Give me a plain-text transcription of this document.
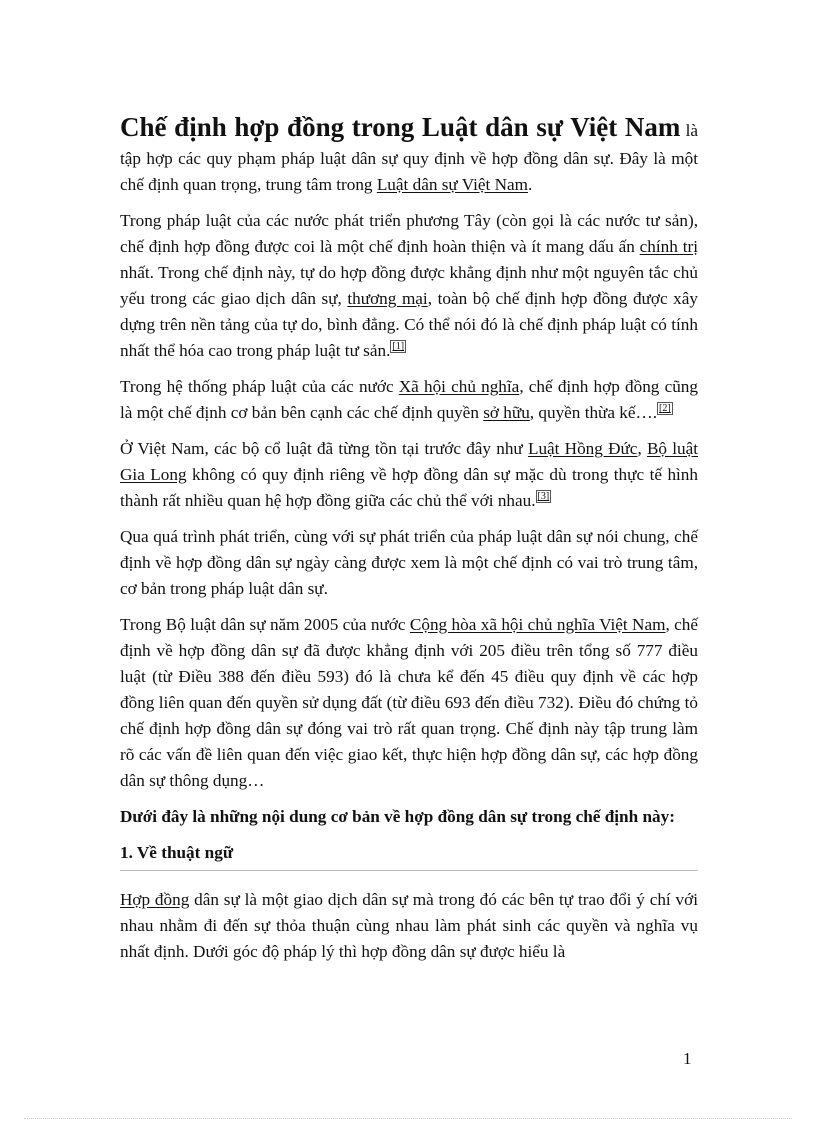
Chế định hợp đồng trong Luật dân sự Việt Nam là tập hợp các quy phạm pháp luật dân sự quy định về hợp đồng dân sự. Đây là một chế định quan trọng, trung tâm trong Luật dân sự Việt Nam.

Trong pháp luật của các nước phát triển phương Tây (còn gọi là các nước tư sản), chế định hợp đồng được coi là một chế định hoàn thiện và ít mang dấu ấn chính trị nhất. Trong chế định này, tự do hợp đồng được khẳng định như một nguyên tắc chủ yếu trong các giao dịch dân sự, thương mại, toàn bộ chế định hợp đồng được xây dựng trên nền tảng của tự do, bình đẳng. Có thể nói đó là chế định pháp luật có tính nhất thể hóa cao trong pháp luật tư sản. [1]

Trong hệ thống pháp luật của các nước Xã hội chủ nghĩa, chế định hợp đồng cũng là một chế định cơ bản bên cạnh các chế định quyền sở hữu, quyền thừa kế…. [2]

Ở Việt Nam, các bộ cổ luật đã từng tồn tại trước đây như Luật Hồng Đức, Bộ luật Gia Long không có quy định riêng về hợp đồng dân sự mặc dù trong thực tế hình thành rất nhiều quan hệ hợp đồng giữa các chủ thể với nhau. [3]

Qua quá trình phát triển, cùng với sự phát triển của pháp luật dân sự nói chung, chế định về hợp đồng dân sự ngày càng được xem là một chế định có vai trò trung tâm, cơ bản trong pháp luật dân sự.

Trong Bộ luật dân sự năm 2005 của nước Cộng hòa xã hội chủ nghĩa Việt Nam, chế định về hợp đồng dân sự đã được khẳng định với 205 điều trên tổng số 777 điều luật (từ Điều 388 đến điều 593) đó là chưa kể đến 45 điều quy định về các hợp đồng liên quan đến quyền sử dụng đất (từ điều 693 đến điều 732). Điều đó chứng tỏ chế định hợp đồng dân sự đóng vai trò rất quan trọng. Chế định này tập trung làm rõ các vấn đề liên quan đến việc giao kết, thực hiện hợp đồng dân sự, các hợp đồng dân sự thông dụng…

Dưới đây là những nội dung cơ bản về hợp đồng dân sự trong chế định này:

1. Về thuật ngữ

Hợp đồng dân sự là một giao dịch dân sự mà trong đó các bên tự trao đổi ý chí với nhau nhằm đi đến sự thỏa thuận cùng nhau làm phát sinh các quyền và nghĩa vụ nhất định. Dưới góc độ pháp lý thì hợp đồng dân sự được hiểu là

1
